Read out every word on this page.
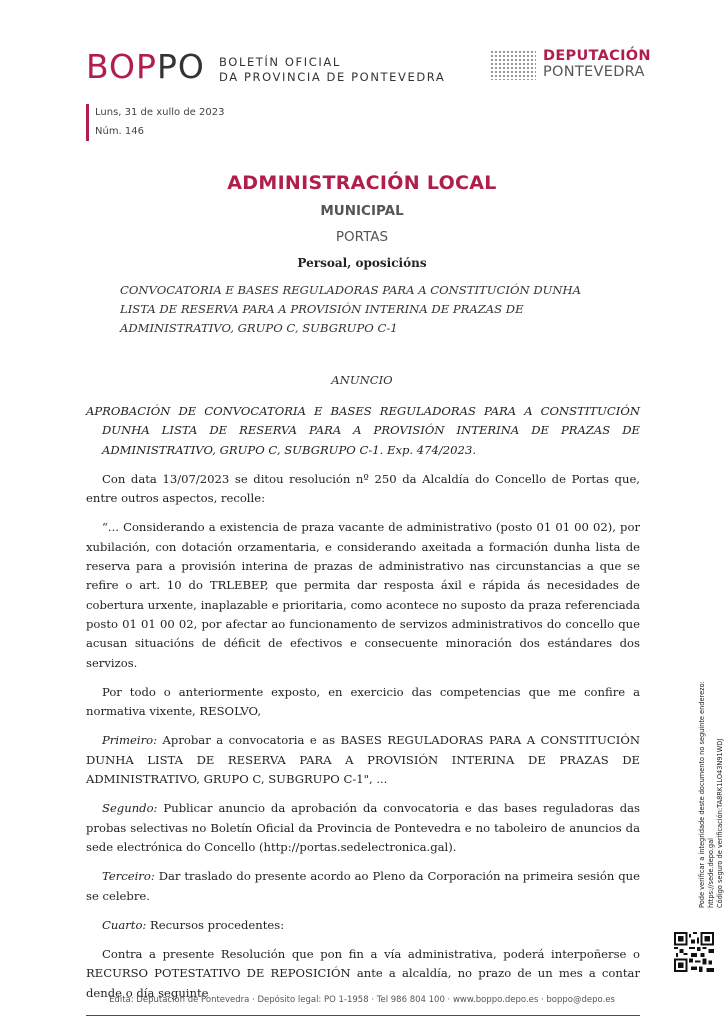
BOPPO BOLETÍN OFICIAL
DA PROVINCIA DE PONTEVEDRA
DEPUTACIÓN
PONTEVEDRA
Luns, 31 de xullo de 2023
Núm. 146
ADMINISTRACIÓN LOCAL
MUNICIPAL
PORTAS
Persoal, oposicións
CONVOCATORIA E BASES REGULADORAS PARA A CONSTITUCIÓN DUNHA LISTA DE RESERVA PARA A PROVISIÓN INTERINA DE PRAZAS DE ADMINISTRATIVO, GRUPO C, SUBGRUPO C-1
ANUNCIO

APROBACIÓN DE CONVOCATORIA E BASES REGULADORAS PARA A CONSTITUCIÓN DUNHA LISTA DE RESERVA PARA A PROVISIÓN INTERINA DE PRAZAS DE ADMINISTRATIVO, GRUPO C, SUBGRUPO C-1. Exp. 474/2023.

Con data 13/07/2023 se ditou resolución nº 250 da Alcaldía do Concello de Portas que, entre outros aspectos, recolle:

“... Considerando a existencia de praza vacante de administrativo (posto 01 01 00 02), por xubilación, con dotación orzamentaria, e considerando axeitada a formación dunha lista de reserva para a provisión interina de prazas de administrativo nas circunstancias a que se refire o art. 10 do TRLEBEP, que permita dar resposta áxil e rápida ás necesidades de cobertura urxente, inaplazable e prioritaria, como acontece no suposto da praza referenciada posto 01 01 00 02, por afectar ao funcionamento de servizos administrativos do concello que acusan situacións de déficit de efectivos e consecuente minoración dos estándares dos servizos.

Por todo o anteriormente exposto, en exercicio das competencias que me confire a normativa vixente, RESOLVO,

Primeiro: Aprobar a convocatoria e as BASES REGULADORAS PARA A CONSTITUCIÓN DUNHA LISTA DE RESERVA PARA A PROVISIÓN INTERINA DE PRAZAS DE ADMINISTRATIVO, GRUPO C, SUBGRUPO C-1", ...

Segundo: Publicar anuncio da aprobación da convocatoria e das bases reguladoras das probas selectivas no Boletín Oficial da Provincia de Pontevedra e no taboleiro de anuncios da sede electrónica do Concello (http://portas.sedelectronica.gal).

Terceiro: Dar traslado do presente acordo ao Pleno da Corporación na primeira sesión que se celebre.

Cuarto: Recursos procedentes:

Contra a presente Resolución que pon fin a vía administrativa, poderá interpoñerse o RECURSO POTESTATIVO DE REPOSICIÓN ante a alcaldía, no prazo de un mes a contar dende o día seguinte

Pode verificar a integridade deste documento no seguinte enderezo: https://sede.depo.gal Código seguro de verificación:TA8RK1LO43N91WDJ
Edita: Deputación de Pontevedra · Depósito legal: PO 1-1958 · Tel 986 804 100 · www.boppo.depo.es · boppo@depo.es
